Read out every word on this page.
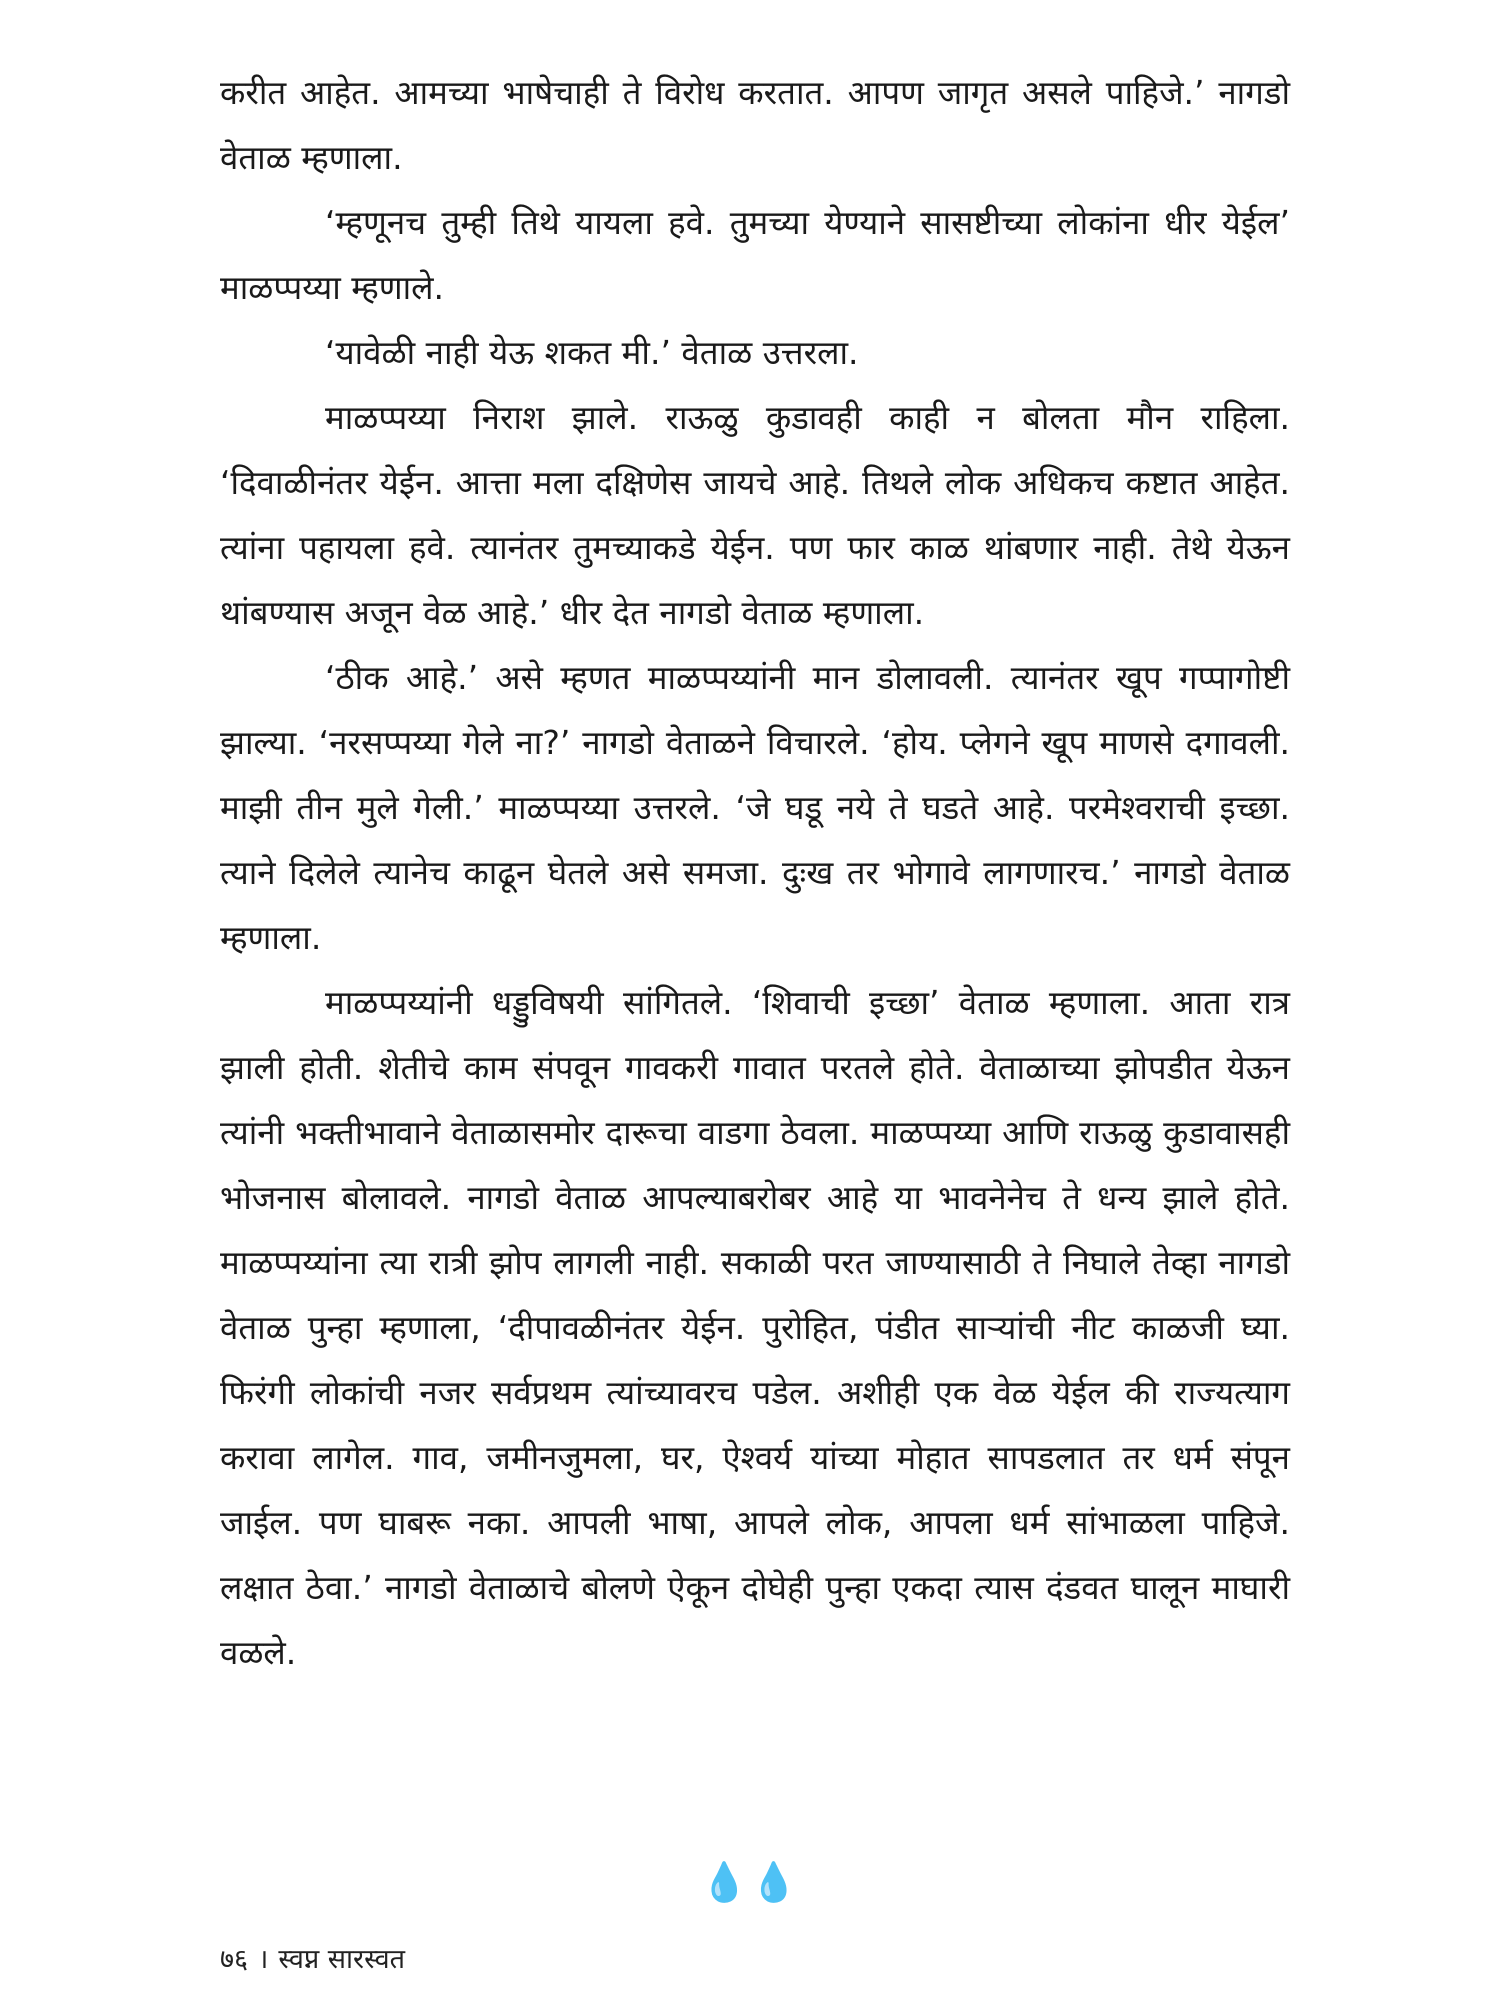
करीत आहेत. आमच्या भाषेचाही ते विरोध करतात. आपण जागृत असले पाहिजे.’ नागडो वेताळ म्हणाला.

‘म्हणूनच तुम्ही तिथे यायला हवे. तुमच्या येण्याने सासष्टीच्या लोकांना धीर येईल’ माळप्पय्या म्हणाले.

‘यावेळी नाही येऊ शकत मी.’ वेताळ उत्तरला.

माळप्पय्या निराश झाले. राऊळु कुडावही काही न बोलता मौन राहिला. ‘दिवाळीनंतर येईन. आत्ता मला दक्षिणेस जायचे आहे. तिथले लोक अधिकच कष्टात आहेत. त्यांना पहायला हवे. त्यानंतर तुमच्याकडे येईन. पण फार काळ थांबणार नाही. तेथे येऊन थांबण्यास अजून वेळ आहे.’ धीर देत नागडो वेताळ म्हणाला.

‘ठीक आहे.’ असे म्हणत माळप्पय्यांनी मान डोलावली. त्यानंतर खूप गप्पागोष्टी झाल्या. ‘नरसप्पय्या गेले ना?’ नागडो वेताळने विचारले. ‘होय. प्लेगने खूप माणसे दगावली. माझी तीन मुले गेली.’ माळप्पय्या उत्तरले. ‘जे घडू नये ते घडते आहे. परमेश्वराची इच्छा. त्याने दिलेले त्यानेच काढून घेतले असे समजा. दुःख तर भोगावे लागणारच.’ नागडो वेताळ म्हणाला.

माळप्पय्यांनी धड्डुविषयी सांगितले. ‘शिवाची इच्छा’ वेताळ म्हणाला. आता रात्र झाली होती. शेतीचे काम संपवून गावकरी गावात परतले होते. वेताळाच्या झोपडीत येऊन त्यांनी भक्तीभावाने वेताळासमोर दारूचा वाडगा ठेवला. माळप्पय्या आणि राऊळु कुडावासही भोजनास बोलावले. नागडो वेताळ आपल्याबरोबर आहे या भावनेनेच ते धन्य झाले होते. माळप्पय्यांना त्या रात्री झोप लागली नाही. सकाळी परत जाण्यासाठी ते निघाले तेव्हा नागडो वेताळ पुन्हा म्हणाला, ‘दीपावळीनंतर येईन. पुरोहित, पंडीत साऱ्यांची नीट काळजी घ्या. फिरंगी लोकांची नजर सर्वप्रथम त्यांच्यावरच पडेल. अशीही एक वेळ येईल की राज्यत्याग करावा लागेल. गाव, जमीनजुमला, घर, ऐश्वर्य यांच्या मोहात सापडलात तर धर्म संपून जाईल. पण घाबरू नका. आपली भाषा, आपले लोक, आपला धर्म सांभाळला पाहिजे. लक्षात ठेवा.’ नागडो वेताळाचे बोलणे ऐकून दोघेही पुन्हा एकदा त्यास दंडवत घालून माघारी वळले.

💧💧
७६ । स्वप्न सारस्वत
